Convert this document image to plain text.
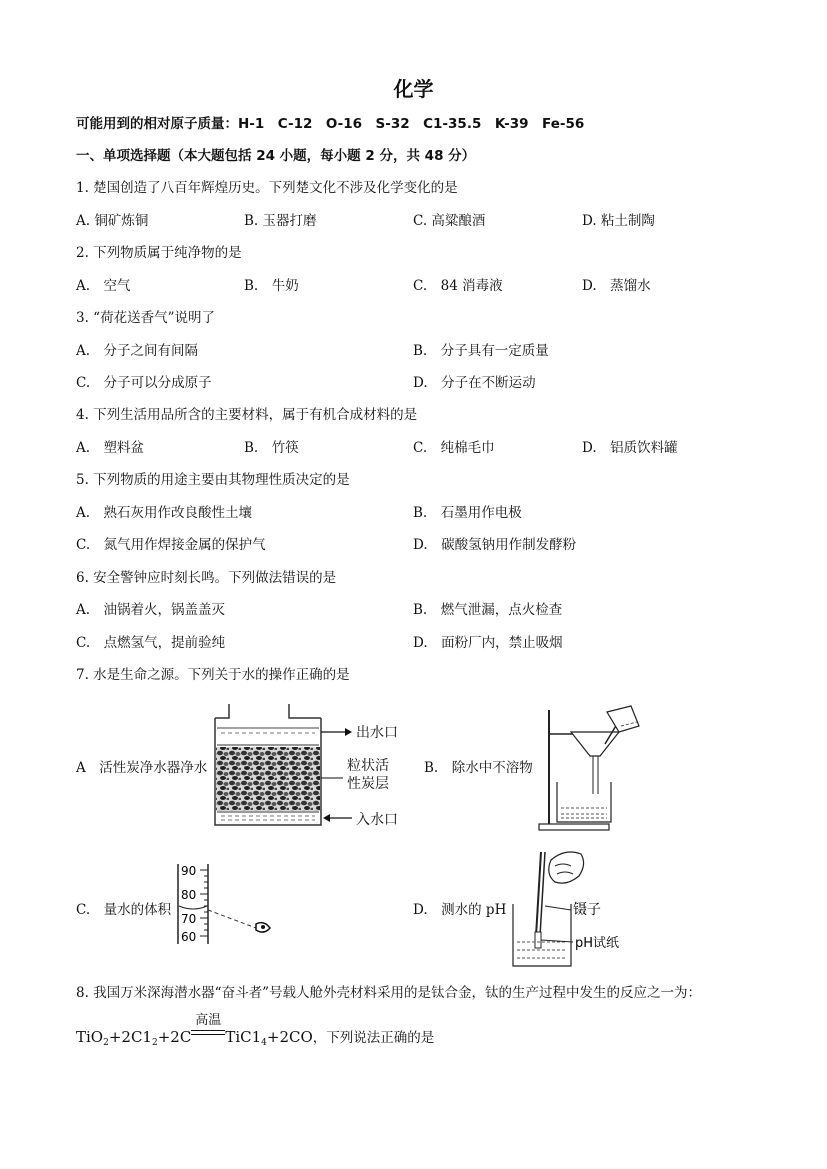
化学
可能用到的相对原子质量：H-1　C-12　O-16　S-32　C1-35.5　K-39　Fe-56
一、单项选择题（本大题包括 24 小题，每小题 2 分，共 48 分）
1. 楚国创造了八百年辉煌历史。下列楚文化不涉及化学变化的是
A. 铜矿炼铜	B. 玉器打磨	C. 高粱酿酒	D. 粘土制陶
2. 下列物质属于纯净物的是
A.　空气	B.　牛奶	C.　84 消毒液	D.　蒸馏水
3. “荷花送香气”说明了
A.　分子之间有间隔	B.　分子具有一定质量
C.　分子可以分成原子	D.　分子在不断运动
4. 下列生活用品所含的主要材料，属于有机合成材料的是
A.　塑料盆	B.　竹筷	C.　纯棉毛巾	D.　铝质饮料罐
5. 下列物质的用途主要由其物理性质决定的是
A.　熟石灰用作改良酸性土壤	B.　石墨用作电极
C.　氮气用作焊接金属的保护气	D.　碳酸氢钠用作制发酵粉
6. 安全警钟应时刻长鸣。下列做法错误的是
A.　油锅着火，锅盖盖灭	B.　燃气泄漏，点火检查
C.　点燃氢气，提前验纯	D.　面粉厂内，禁止吸烟
7. 水是生命之源。下列关于水的操作正确的是
A　活性炭净水器净水	B.　除水中不溶物
C.　量水的体积	D.　测水的 pH
出水口
粒状活
性炭层
入水口
90
80
70
60
镊子
pH试纸
8. 我国万米深海潜水器“奋斗者”号载人舱外壳材料采用的是钛合金，钛的生产过程中发生的反应之一为：
$TiO_2+2C1_2+2C$
高温
$TiC1_4+2CO$，下列说法正确的是
